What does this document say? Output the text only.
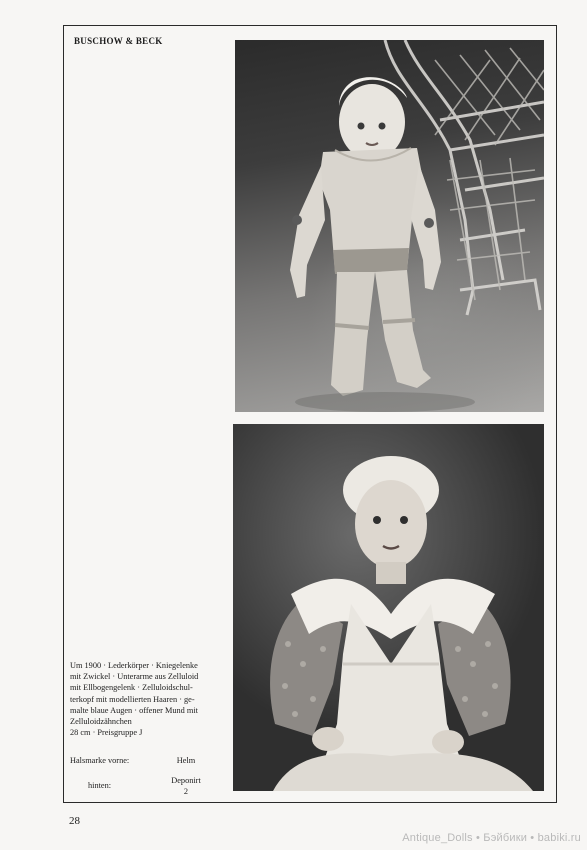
BUSCHOW & BECK
Um 1900 · Lederkörper · Kniegelenke
mit Zwickel · Unterarme aus Zelluloid
mit Ellbogengelenk · Zelluloidschul-
terkopf mit modellierten Haaren · ge-
malte blaue Augen · offener Mund mit
Zelluloidzähnchen
28 cm · Preisgruppe J
Halsmarke vorne:	Helm
hinten:
Deponirt
2
28
Antique_Dolls • Бэйбики • babiki.ru
